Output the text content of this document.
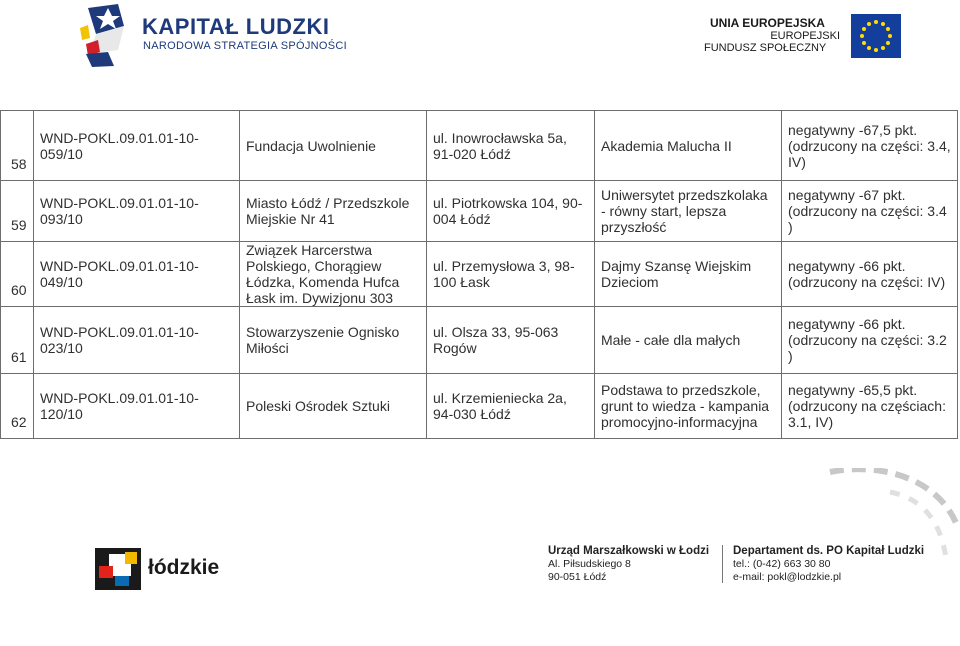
KAPITAŁ LUDZKI
NARODOWA STRATEGIA SPÓJNOŚCI
UNIA EUROPEJSKA
EUROPEJSKI
FUNDUSZ SPOŁECZNY
58	WND-POKL.09.01.01-10-059/10	Fundacja Uwolnienie	ul. Inowrocławska 5a, 91-020 Łódź	Akademia Malucha II	negatywny -67,5 pkt.(odrzucony na części: 3.4, IV)
59	WND-POKL.09.01.01-10-093/10	Miasto Łódź / Przedszkole Miejskie Nr 41	ul. Piotrkowska 104, 90-004 Łódź	Uniwersytet przedszkolaka - równy start, lepsza przyszłość	negatywny -67 pkt.(odrzucony na części: 3.4 )
60	WND-POKL.09.01.01-10-049/10	Związek Harcerstwa Polskiego, Chorągiew Łódzka, Komenda Hufca Łask im. Dywizjonu 303	ul. Przemysłowa 3, 98-100 Łask	Dajmy Szansę Wiejskim Dzieciom	negatywny -66 pkt.(odrzucony na części: IV)
61	WND-POKL.09.01.01-10-023/10	Stowarzyszenie Ognisko Miłości	ul. Olsza 33, 95-063 Rogów	Małe - całe dla małych	negatywny -66 pkt.(odrzucony na części: 3.2 )
62	WND-POKL.09.01.01-10-120/10	Poleski Ośrodek Sztuki	ul. Krzemieniecka 2a, 94-030 Łódź	Podstawa to przedszkole, grunt to wiedza - kampania promocyjno-informacyjna	negatywny -65,5 pkt.(odrzucony na częściach: 3.1, IV)
łódzkie
Urząd Marszałkowski w Łodzi
Al. Piłsudskiego 8
90-051 Łódź
Departament ds. PO Kapitał Ludzki
tel.: (0-42) 663 30 80
e-mail: pokl@lodzkie.pl
